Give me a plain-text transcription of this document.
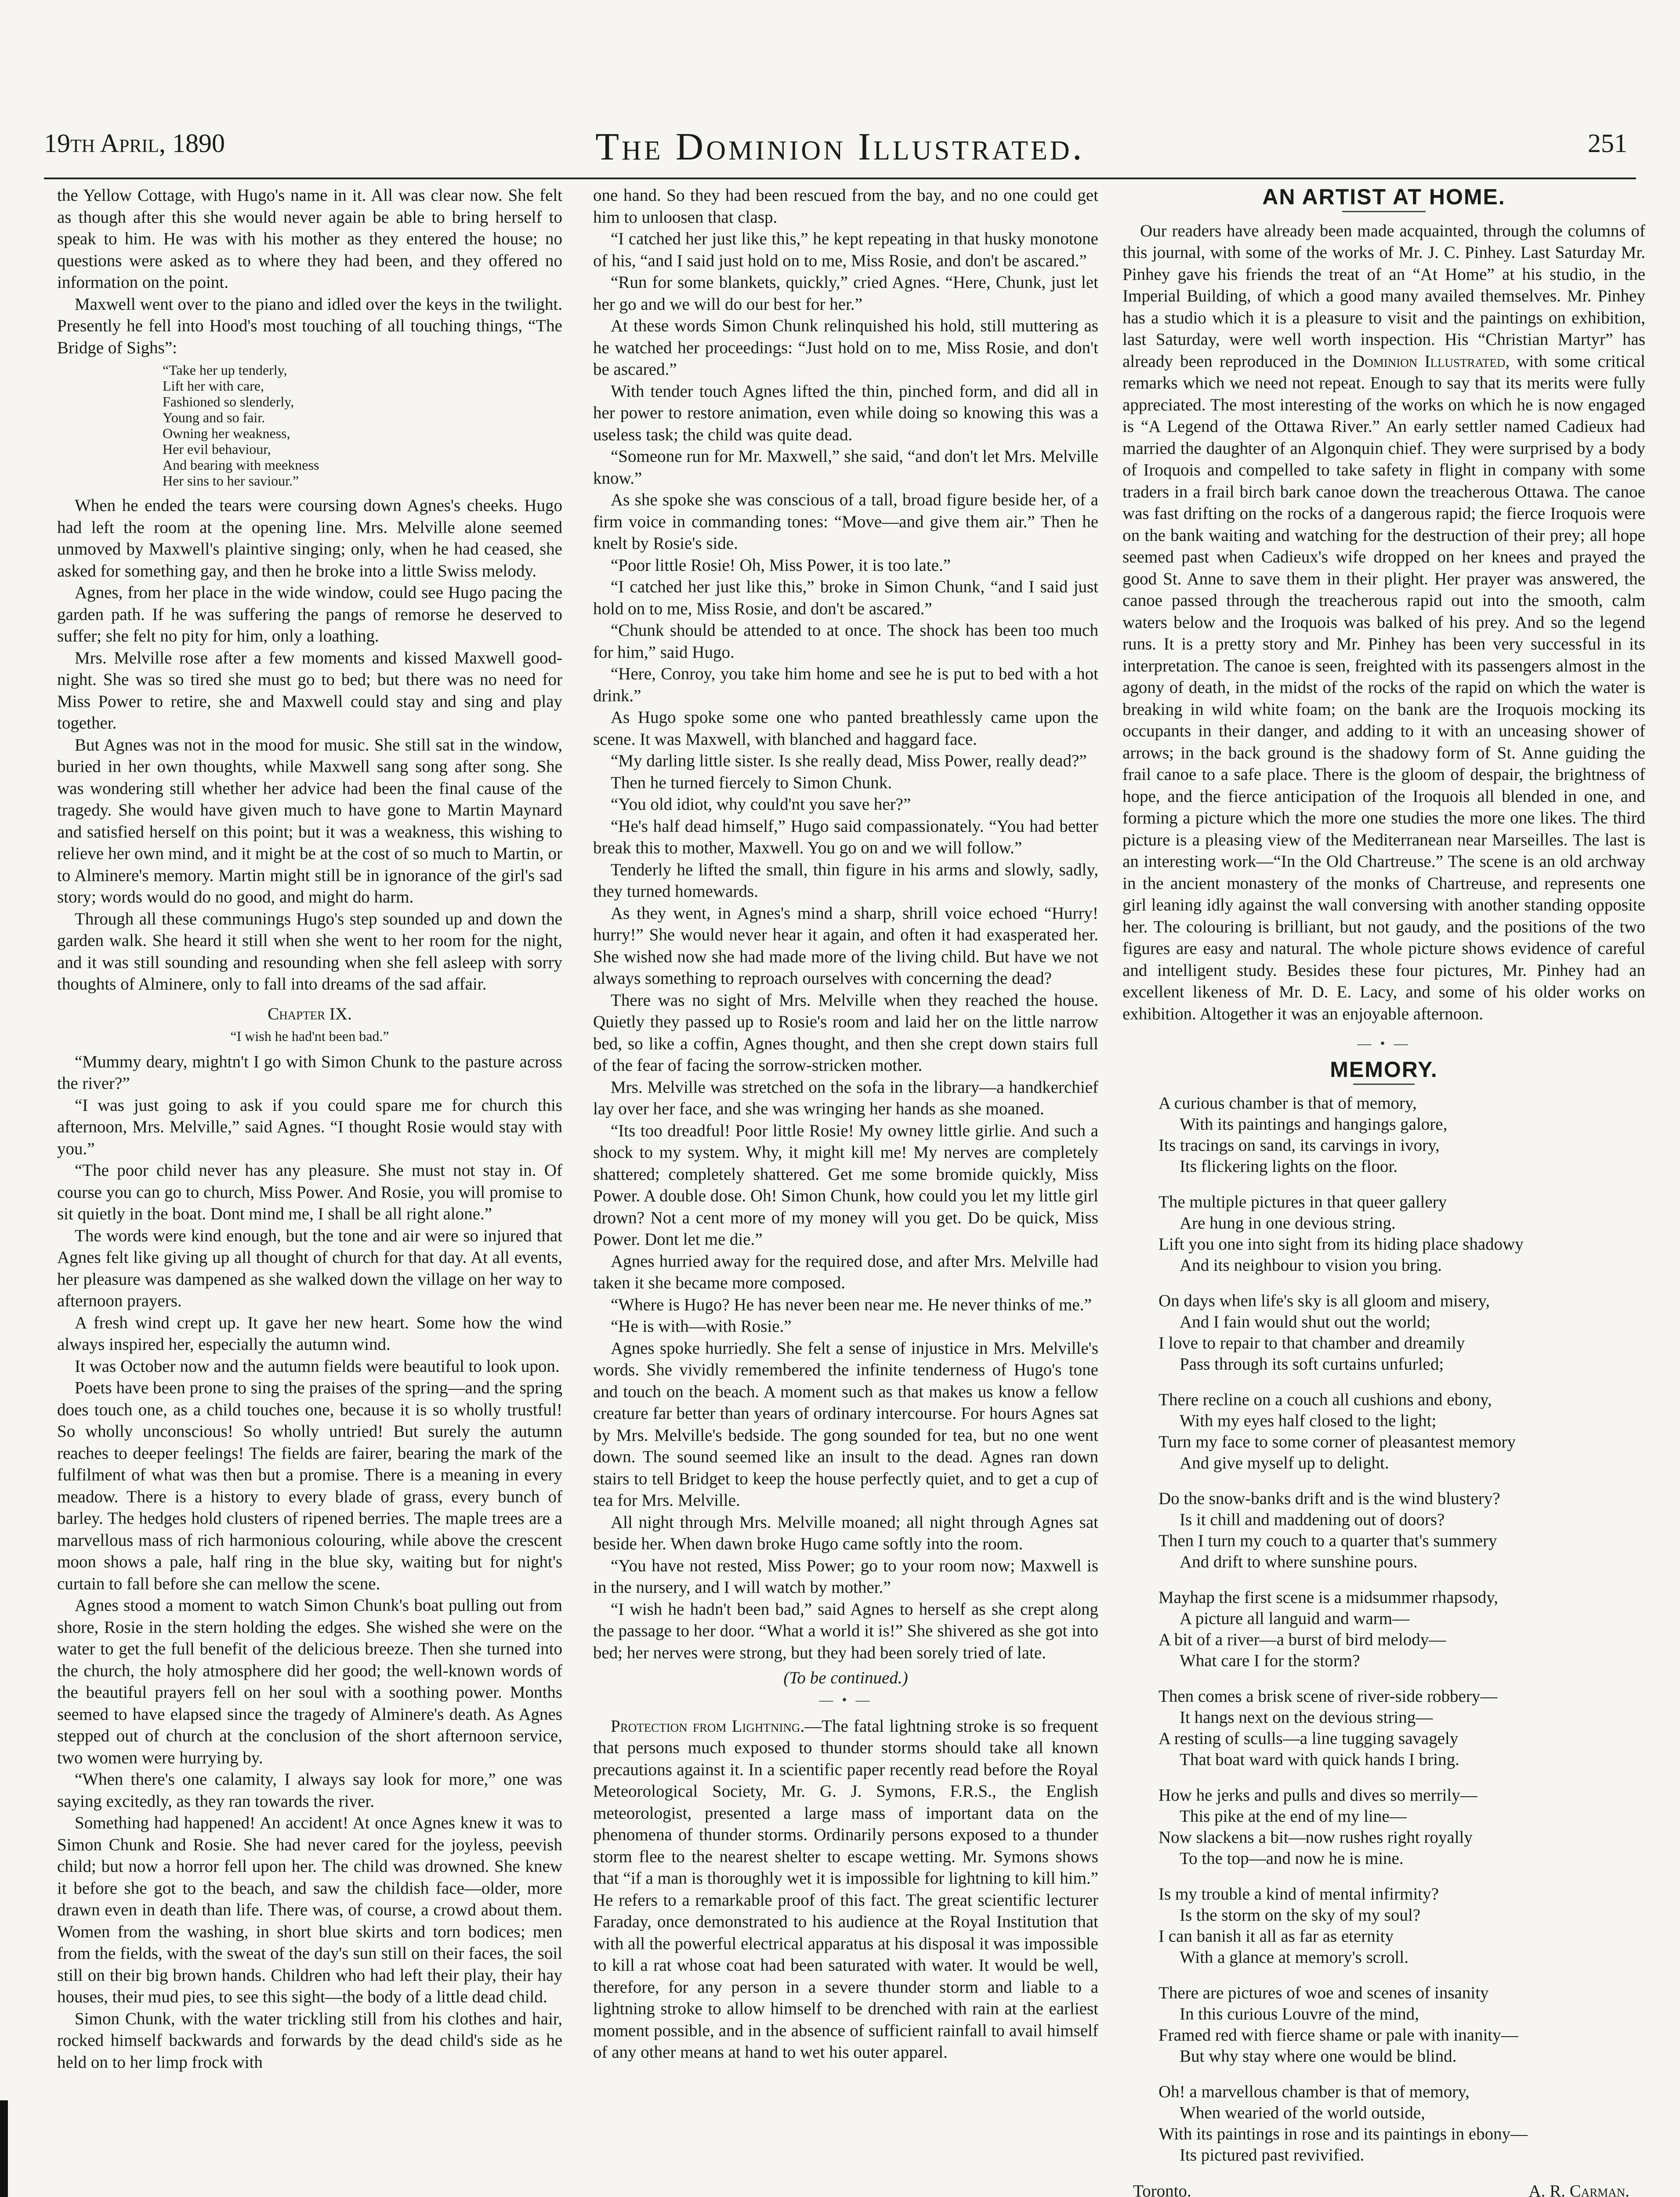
19th April, 1890	The Dominion Illustrated.	251

the Yellow Cottage, with Hugo's name in it. All was clear now. She felt as though after this she would never again be able to bring herself to speak to him. He was with his mother as they entered the house; no questions were asked as to where they had been, and they offered no information on the point.

Maxwell went over to the piano and idled over the keys in the twilight. Presently he fell into Hood's most touching of all touching things, “The Bridge of Sighs”:

“Take her up tenderly,
Lift her with care,
Fashioned so slenderly,
Young and so fair.
Owning her weakness,
Her evil behaviour,
And bearing with meekness
Her sins to her saviour.”

When he ended the tears were coursing down Agnes's cheeks. Hugo had left the room at the opening line. Mrs. Melville alone seemed unmoved by Maxwell's plaintive singing; only, when he had ceased, she asked for something gay, and then he broke into a little Swiss melody.

Agnes, from her place in the wide window, could see Hugo pacing the garden path. If he was suffering the pangs of remorse he deserved to suffer; she felt no pity for him, only a loathing.

Mrs. Melville rose after a few moments and kissed Maxwell good-night. She was so tired she must go to bed; but there was no need for Miss Power to retire, she and Maxwell could stay and sing and play together.

But Agnes was not in the mood for music. She still sat in the window, buried in her own thoughts, while Maxwell sang song after song. She was wondering still whether her advice had been the final cause of the tragedy. She would have given much to have gone to Martin Maynard and satisfied herself on this point; but it was a weakness, this wishing to relieve her own mind, and it might be at the cost of so much to Martin, or to Alminere's memory. Martin might still be in ignorance of the girl's sad story; words would do no good, and might do harm.

Through all these communings Hugo's step sounded up and down the garden walk. She heard it still when she went to her room for the night, and it was still sounding and resounding when she fell asleep with sorry thoughts of Alminere, only to fall into dreams of the sad affair.

Chapter IX.
“I wish he had'nt been bad.”

“Mummy deary, mightn't I go with Simon Chunk to the pasture across the river?”

“I was just going to ask if you could spare me for church this afternoon, Mrs. Melville,” said Agnes. “I thought Rosie would stay with you.”

“The poor child never has any pleasure. She must not stay in. Of course you can go to church, Miss Power. And Rosie, you will promise to sit quietly in the boat. Dont mind me, I shall be all right alone.”

The words were kind enough, but the tone and air were so injured that Agnes felt like giving up all thought of church for that day. At all events, her pleasure was dampened as she walked down the village on her way to afternoon prayers.

A fresh wind crept up. It gave her new heart. Some how the wind always inspired her, especially the autumn wind.

It was October now and the autumn fields were beautiful to look upon.

Poets have been prone to sing the praises of the spring—and the spring does touch one, as a child touches one, because it is so wholly trustful! So wholly unconscious! So wholly untried! But surely the autumn reaches to deeper feelings! The fields are fairer, bearing the mark of the fulfilment of what was then but a promise. There is a meaning in every meadow. There is a history to every blade of grass, every bunch of barley. The hedges hold clusters of ripened berries. The maple trees are a marvellous mass of rich harmonious colouring, while above the crescent moon shows a pale, half ring in the blue sky, waiting but for night's curtain to fall before she can mellow the scene.

Agnes stood a moment to watch Simon Chunk's boat pulling out from shore, Rosie in the stern holding the edges. She wished she were on the water to get the full benefit of the delicious breeze. Then she turned into the church, the holy atmosphere did her good; the well-known words of the beautiful prayers fell on her soul with a soothing power. Months seemed to have elapsed since the tragedy of Alminere's death. As Agnes stepped out of church at the conclusion of the short afternoon service, two women were hurrying by.

“When there's one calamity, I always say look for more,” one was saying excitedly, as they ran towards the river.

Something had happened! An accident! At once Agnes knew it was to Simon Chunk and Rosie. She had never cared for the joyless, peevish child; but now a horror fell upon her. The child was drowned. She knew it before she got to the beach, and saw the childish face—older, more drawn even in death than life. There was, of course, a crowd about them. Women from the washing, in short blue skirts and torn bodices; men from the fields, with the sweat of the day's sun still on their faces, the soil still on their big brown hands. Children who had left their play, their hay houses, their mud pies, to see this sight—the body of a little dead child.

Simon Chunk, with the water trickling still from his clothes and hair, rocked himself backwards and forwards by the dead child's side as he held on to her limp frock with

one hand. So they had been rescued from the bay, and no one could get him to unloosen that clasp.

“I catched her just like this,” he kept repeating in that husky monotone of his, “and I said just hold on to me, Miss Rosie, and don't be ascared.”

“Run for some blankets, quickly,” cried Agnes. “Here, Chunk, just let her go and we will do our best for her.”

At these words Simon Chunk relinquished his hold, still muttering as he watched her proceedings: “Just hold on to me, Miss Rosie, and don't be ascared.”

With tender touch Agnes lifted the thin, pinched form, and did all in her power to restore animation, even while doing so knowing this was a useless task; the child was quite dead.

“Someone run for Mr. Maxwell,” she said, “and don't let Mrs. Melville know.”

As she spoke she was conscious of a tall, broad figure beside her, of a firm voice in commanding tones: “Move—and give them air.” Then he knelt by Rosie's side.

“Poor little Rosie! Oh, Miss Power, it is too late.”

“I catched her just like this,” broke in Simon Chunk, “and I said just hold on to me, Miss Rosie, and don't be ascared.”

“Chunk should be attended to at once. The shock has been too much for him,” said Hugo.

“Here, Conroy, you take him home and see he is put to bed with a hot drink.”

As Hugo spoke some one who panted breathlessly came upon the scene. It was Maxwell, with blanched and haggard face.

“My darling little sister. Is she really dead, Miss Power, really dead?”

Then he turned fiercely to Simon Chunk.

“You old idiot, why could'nt you save her?”

“He's half dead himself,” Hugo said compassionately. “You had better break this to mother, Maxwell. You go on and we will follow.”

Tenderly he lifted the small, thin figure in his arms and slowly, sadly, they turned homewards.

As they went, in Agnes's mind a sharp, shrill voice echoed “Hurry! hurry!” She would never hear it again, and often it had exasperated her. She wished now she had made more of the living child. But have we not always something to reproach ourselves with concerning the dead?

There was no sight of Mrs. Melville when they reached the house. Quietly they passed up to Rosie's room and laid her on the little narrow bed, so like a coffin, Agnes thought, and then she crept down stairs full of the fear of facing the sorrow-stricken mother.

Mrs. Melville was stretched on the sofa in the library—a handkerchief lay over her face, and she was wringing her hands as she moaned.

“Its too dreadful! Poor little Rosie! My owney little girlie. And such a shock to my system. Why, it might kill me! My nerves are completely shattered; completely shattered. Get me some bromide quickly, Miss Power. A double dose. Oh! Simon Chunk, how could you let my little girl drown? Not a cent more of my money will you get. Do be quick, Miss Power. Dont let me die.”

Agnes hurried away for the required dose, and after Mrs. Melville had taken it she became more composed.

“Where is Hugo? He has never been near me. He never thinks of me.”

“He is with—with Rosie.”

Agnes spoke hurriedly. She felt a sense of injustice in Mrs. Melville's words. She vividly remembered the infinite tenderness of Hugo's tone and touch on the beach. A moment such as that makes us know a fellow creature far better than years of ordinary intercourse. For hours Agnes sat by Mrs. Melville's bedside. The gong sounded for tea, but no one went down. The sound seemed like an insult to the dead. Agnes ran down stairs to tell Bridget to keep the house perfectly quiet, and to get a cup of tea for Mrs. Melville.

All night through Mrs. Melville moaned; all night through Agnes sat beside her. When dawn broke Hugo came softly into the room.

“You have not rested, Miss Power; go to your room now; Maxwell is in the nursery, and I will watch by mother.”

“I wish he hadn't been bad,” said Agnes to herself as she crept along the passage to her door. “What a world it is!” She shivered as she got into bed; her nerves were strong, but they had been sorely tried of late.

(To be continued.)
— • —

Protection from Lightning.—The fatal lightning stroke is so frequent that persons much exposed to thunder storms should take all known precautions against it. In a scientific paper recently read before the Royal Meteorological Society, Mr. G. J. Symons, F.R.S., the English meteorologist, presented a large mass of important data on the phenomena of thunder storms. Ordinarily persons exposed to a thunder storm flee to the nearest shelter to escape wetting. Mr. Symons shows that “if a man is thoroughly wet it is impossible for lightning to kill him.” He refers to a remarkable proof of this fact. The great scientific lecturer Faraday, once demonstrated to his audience at the Royal Institution that with all the powerful electrical apparatus at his disposal it was impossible to kill a rat whose coat had been saturated with water. It would be well, therefore, for any person in a severe thunder storm and liable to a lightning stroke to allow himself to be drenched with rain at the earliest moment possible, and in the absence of sufficient rainfall to avail himself of any other means at hand to wet his outer apparel.

AN ARTIST AT HOME.

Our readers have already been made acquainted, through the columns of this journal, with some of the works of Mr. J. C. Pinhey. Last Saturday Mr. Pinhey gave his friends the treat of an “At Home” at his studio, in the Imperial Building, of which a good many availed themselves. Mr. Pinhey has a studio which it is a pleasure to visit and the paintings on exhibition, last Saturday, were well worth inspection. His “Christian Martyr” has already been reproduced in the Dominion Illustrated, with some critical remarks which we need not repeat. Enough to say that its merits were fully appreciated. The most interesting of the works on which he is now engaged is “A Legend of the Ottawa River.” An early settler named Cadieux had married the daughter of an Algonquin chief. They were surprised by a body of Iroquois and compelled to take safety in flight in company with some traders in a frail birch bark canoe down the treacherous Ottawa. The canoe was fast drifting on the rocks of a dangerous rapid; the fierce Iroquois were on the bank waiting and watching for the destruction of their prey; all hope seemed past when Cadieux's wife dropped on her knees and prayed the good St. Anne to save them in their plight. Her prayer was answered, the canoe passed through the treacherous rapid out into the smooth, calm waters below and the Iroquois was balked of his prey. And so the legend runs. It is a pretty story and Mr. Pinhey has been very successful in its interpretation. The canoe is seen, freighted with its passengers almost in the agony of death, in the midst of the rocks of the rapid on which the water is breaking in wild white foam; on the bank are the Iroquois mocking its occupants in their danger, and adding to it with an unceasing shower of arrows; in the back ground is the shadowy form of St. Anne guiding the frail canoe to a safe place. There is the gloom of despair, the brightness of hope, and the fierce anticipation of the Iroquois all blended in one, and forming a picture which the more one studies the more one likes. The third picture is a pleasing view of the Mediterranean near Marseilles. The last is an interesting work—“In the Old Chartreuse.” The scene is an old archway in the ancient monastery of the monks of Chartreuse, and represents one girl leaning idly against the wall conversing with another standing opposite her. The colouring is brilliant, but not gaudy, and the positions of the two figures are easy and natural. The whole picture shows evidence of careful and intelligent study. Besides these four pictures, Mr. Pinhey had an excellent likeness of Mr. D. E. Lacy, and some of his older works on exhibition. Altogether it was an enjoyable afternoon.

— • —
MEMORY.
A curious chamber is that of memory,
With its paintings and hangings galore,
Its tracings on sand, its carvings in ivory,
Its flickering lights on the floor.
The multiple pictures in that queer gallery
Are hung in one devious string.
Lift you one into sight from its hiding place shadowy
And its neighbour to vision you bring.
On days when life's sky is all gloom and misery,
And I fain would shut out the world;
I love to repair to that chamber and dreamily
Pass through its soft curtains unfurled;
There recline on a couch all cushions and ebony,
With my eyes half closed to the light;
Turn my face to some corner of pleasantest memory
And give myself up to delight.
Do the snow-banks drift and is the wind blustery?
Is it chill and maddening out of doors?
Then I turn my couch to a quarter that's summery
And drift to where sunshine pours.
Mayhap the first scene is a midsummer rhapsody,
A picture all languid and warm—
A bit of a river—a burst of bird melody—
What care I for the storm?
Then comes a brisk scene of river-side robbery—
It hangs next on the devious string—
A resting of sculls—a line tugging savagely
That boat ward with quick hands I bring.
How he jerks and pulls and dives so merrily—
This pike at the end of my line—
Now slackens a bit—now rushes right royally
To the top—and now he is mine.
Is my trouble a kind of mental infirmity?
Is the storm on the sky of my soul?
I can banish it all as far as eternity
With a glance at memory's scroll.
There are pictures of woe and scenes of insanity
In this curious Louvre of the mind,
Framed red with fierce shame or pale with inanity—
But why stay where one would be blind.
Oh! a marvellous chamber is that of memory,
When wearied of the world outside,
With its paintings in rose and its paintings in ebony—
Its pictured past revivified.
Toronto.	A. R. Carman.
